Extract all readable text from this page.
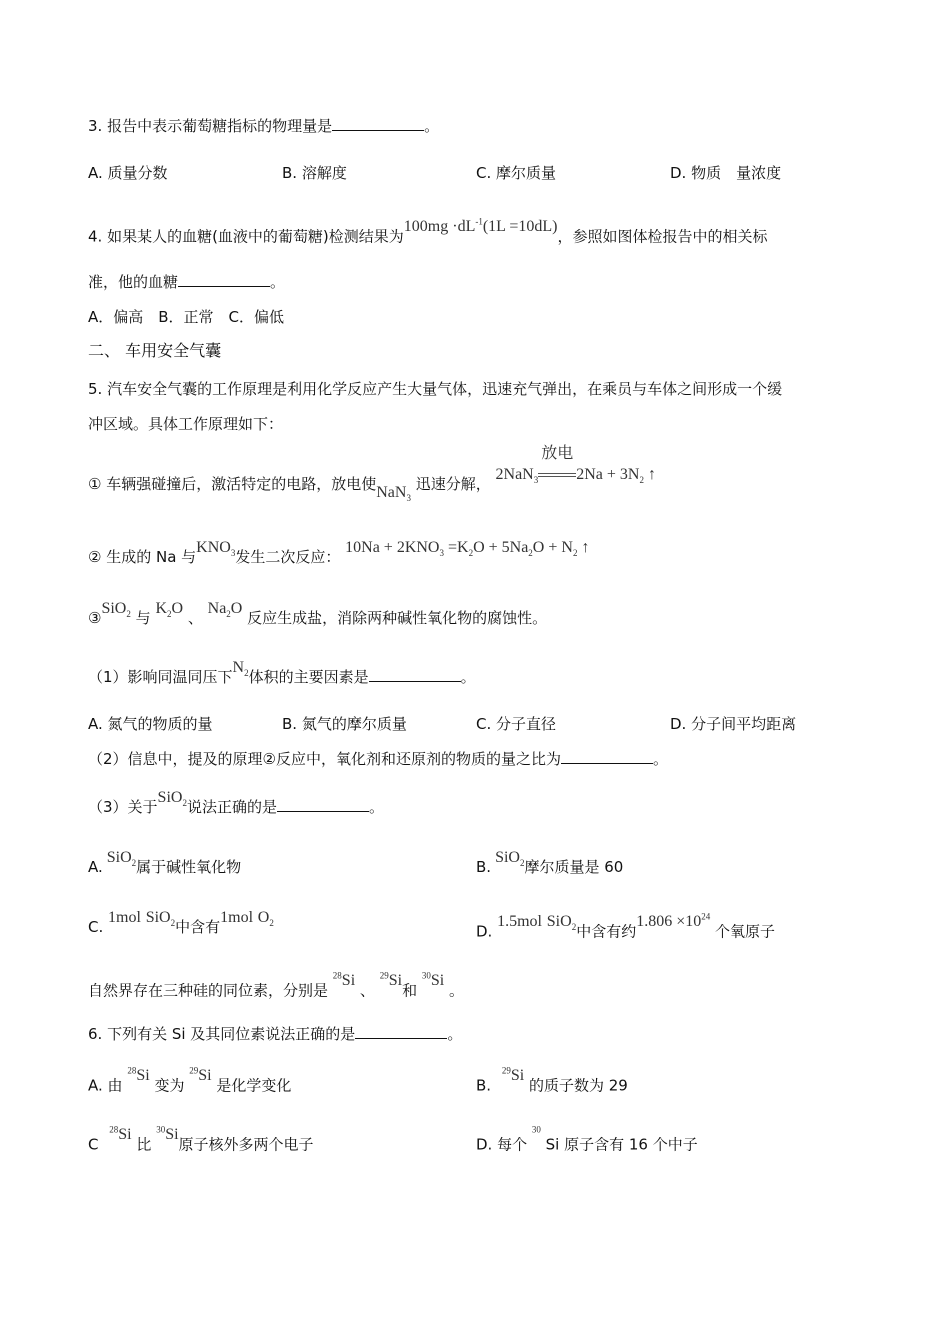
3. 报告中表示葡萄糖指标的物理量是	。
A. 质量分数	B. 溶解度	C. 摩尔质量	D. 物质　量浓度
4. 如果某人的血糖(血液中的葡萄糖)检测结果为$100mg \cdot dL^{-1}(1L =10dL)$，参照如图体检报告中的相关标
准，他的血糖	。
A．偏高　B．正常　C．偏低
二、 车用安全气囊
5. 汽车安全气囊的工作原理是利用化学反应产生大量气体，迅速充气弹出，在乘员与车体之间形成一个缓
冲区域。具体工作原理如下：
① 车辆强碰撞后，激活特定的电路，放电使NaN$_3$ 迅速分解， 2NaN$_3$
放电
$2Na + 3N_2$ ↑
② 生成的 Na 与$KNO_3$发生二次反应： $10Na + 2KNO_3 =K_2O + 5Na_2O + N_2$ ↑
③SiO$_2$ 与 $K_2O$ 、 $Na_2O$ 反应生成盐，消除两种碱性氧化物的腐蚀性。
（1）影响同温同压下$N_2$体积的主要因素是	。
A. 氮气的物质的量	B. 氮气的摩尔质量	C. 分子直径	D. 分子间平均距离
（2）信息中，提及的原理②反应中，氧化剂和还原剂的物质的量之比为	。
（3）关于SiO$_2$说法正确的是	。
A.SiO$_2$属于碱性氧化物	B.SiO$_2$摩尔质量是 60
C. 1mol SiO$_2$中含有1mol $O_2$	D. 1.5mol SiO$_2$中含有约$1.806 \times 10^{24}$ 个氧原子
自然界存在三种硅的同位素，分别是 $^{28}$Si 、 $^{29}$Si和 $^{30}$Si 。
6. 下列有关 Si 及其同位素说法正确的是	。
A. 由 $^{28}$Si 变为 $^{29}$Si 是化学变化	B. $^{29}$Si 的质子数为 29
C $^{28}$Si 比 $^{30}$Si原子核外多两个电子	D. 每个 $^{30}$ Si 原子含有 16 个中子
